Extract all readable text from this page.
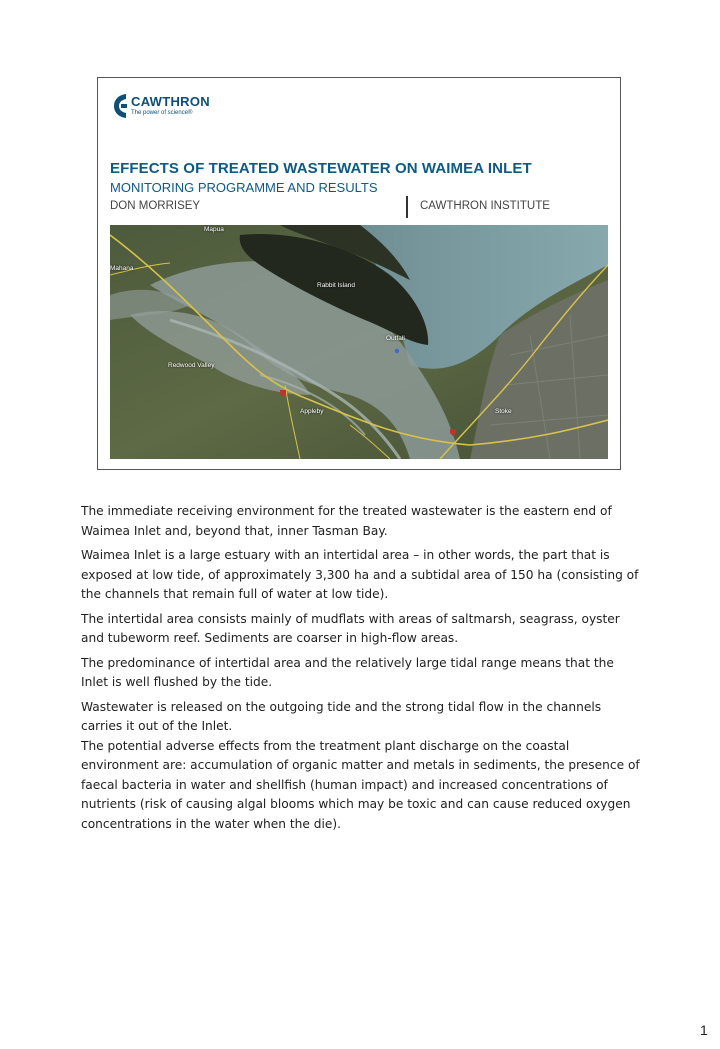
CAWTHRON
The power of science®
EFFECTS OF TREATED WASTEWATER ON WAIMEA INLET
MONITORING PROGRAMME AND RESULTS
DON MORRISEY	CAWTHRON INSTITUTE
Mapua
Mahana
Rabbit Island
Outfall
Redwood Valley
Appleby	Stoke

The immediate receiving environment for the treated wastewater is the eastern end of Waimea Inlet and, beyond that, inner Tasman Bay.

Waimea Inlet is a large estuary with an intertidal area – in other words, the part that is exposed at low tide, of approximately 3,300 ha and a subtidal area of 150 ha (consisting of the channels that remain full of water at low tide).

The intertidal area consists mainly of mudflats with areas of saltmarsh, seagrass, oyster and tubeworm reef. Sediments are coarser in high-flow areas.

The predominance of intertidal area and the relatively large tidal range means that the Inlet is well flushed by the tide.

Wastewater is released on the outgoing tide and the strong tidal flow in the channels carries it out of the Inlet.

The potential adverse effects from the treatment plant discharge on the coastal environment are: accumulation of organic matter and metals in sediments, the presence of faecal bacteria in water and shellfish (human impact) and increased concentrations of nutrients (risk of causing algal blooms which may be toxic and can cause reduced oxygen concentrations in the water when the die).

1
